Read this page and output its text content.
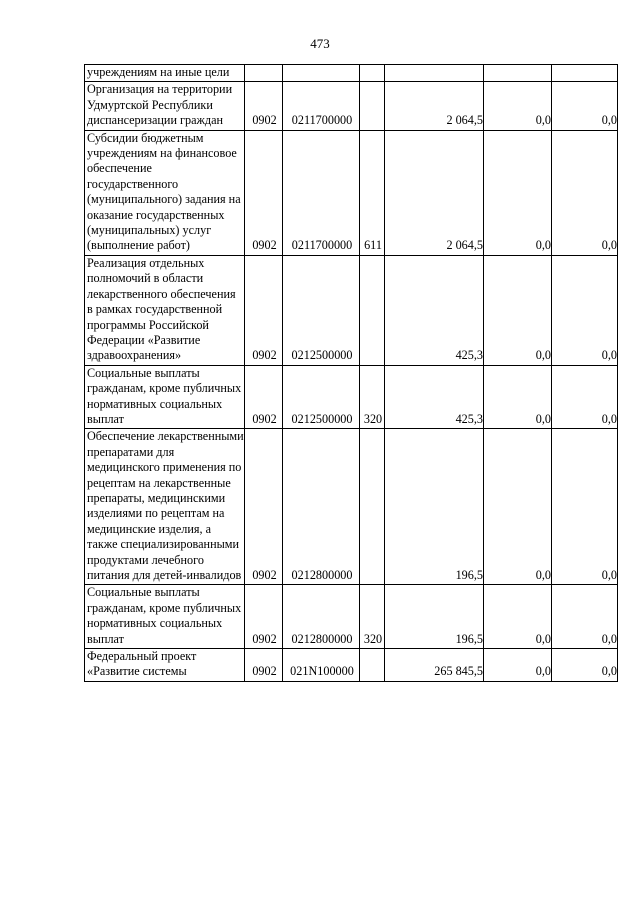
473
учреждениям на иные цели						
Организация на территории Удмуртской Республики диспансеризации граждан	0902	0211700000		2 064,5	0,0	0,0
Субсидии бюджетным учреждениям на финансовое обеспечение государственного (муниципального) задания на оказание государственных (муниципальных) услуг (выполнение работ)	0902	0211700000	611	2 064,5	0,0	0,0
Реализация отдельных полномочий в области лекарственного обеспечения в рамках государственной программы Российской Федерации «Развитие здравоохранения»	0902	0212500000		425,3	0,0	0,0
Социальные выплаты гражданам, кроме публичных нормативных социальных выплат	0902	0212500000	320	425,3	0,0	0,0
Обеспечение лекарственными препаратами для медицинского применения по рецептам на лекарственные препараты, медицинскими изделиями по рецептам на медицинские изделия, а также специализированными продуктами лечебного питания для детей-инвалидов	0902	0212800000		196,5	0,0	0,0
Социальные выплаты гражданам, кроме публичных нормативных социальных выплат	0902	0212800000	320	196,5	0,0	0,0
Федеральный проект «Развитие системы	0902	021N100000		265 845,5	0,0	0,0
